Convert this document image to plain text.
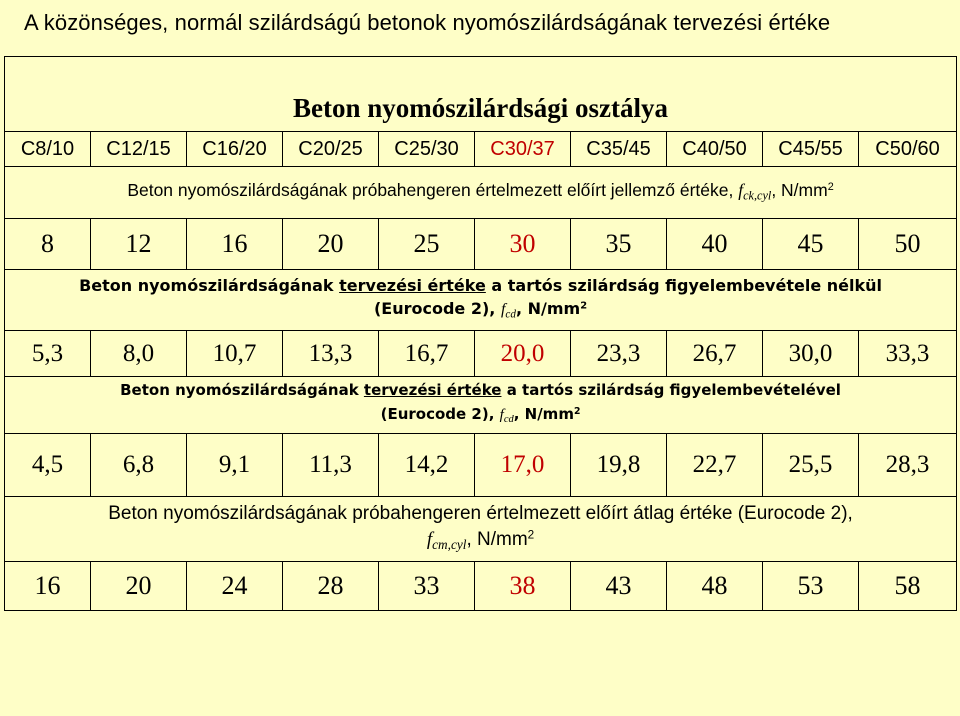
A közönséges, normál szilárdságú betonok nyomószilárdságának tervezési értéke
Beton nyomószilárdsági osztálya									
C8/10	C12/15	C16/20	C20/25	C25/30	C30/37	C35/45	C40/50	C45/55	C50/60
Beton nyomószilárdságának próbahengeren értelmezett előírt jellemző értéke, $f_{ck,cyl}$, $N/mm^2$
8	12	16	20	25	30	35	40	45	50

Beton nyomószilárdságának tervezési értéke a tartós szilárdság figyelembevétele nélkül
(Eurocode 2), $f_{cd}$, $N/mm^2$

5,3	8,0	10,7	13,3	16,7	20,0	23,3	26,7	30,0	33,3

Beton nyomószilárdságának tervezési értéke a tartós szilárdság figyelembevételével
(Eurocode 2), $f_{cd}$, $N/mm^2$

4,5	6,8	9,1	11,3	14,2	17,0	19,8	22,7	25,5	28,3

Beton nyomószilárdságának próbahengeren értelmezett előírt átlag értéke (Eurocode 2),
$f_{cm,cyl}$, $N/mm^2$

16	20	24	28	33	38	43	48	53	58
